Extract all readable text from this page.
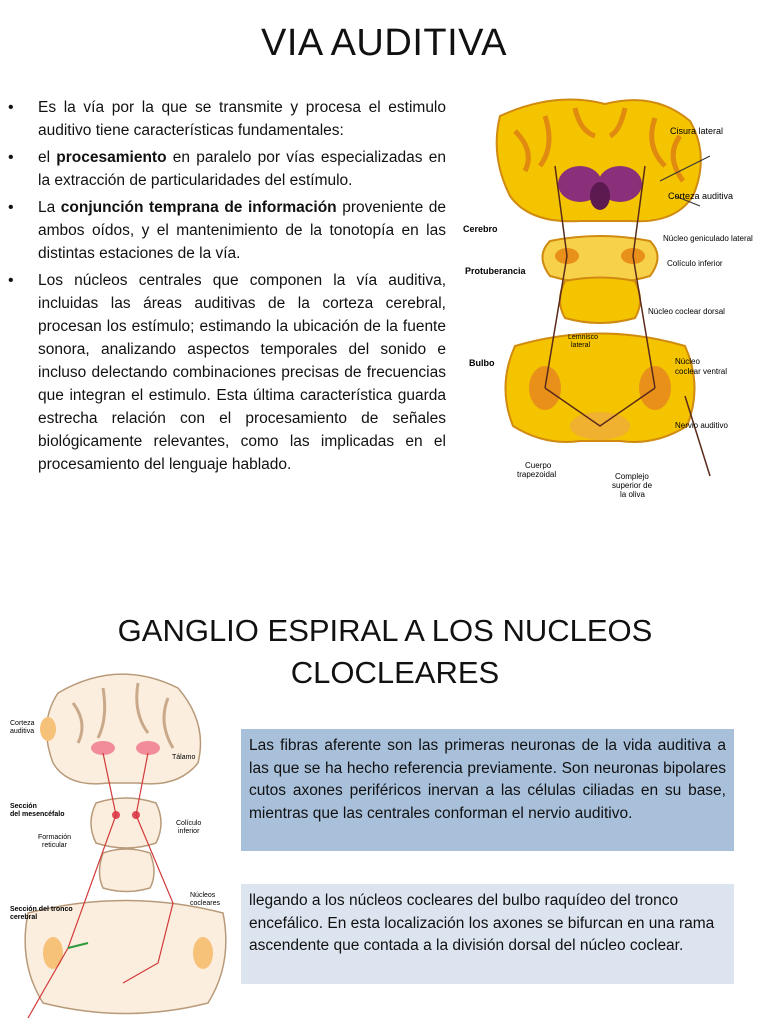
VIA AUDITIVA
• Es la vía por la que se transmite y procesa el estimulo auditivo tiene características fundamentales:
• el procesamiento en paralelo por vías especializadas en la extracción de particularidades del estímulo.
• La conjunción temprana de información proveniente de ambos oídos, y el mantenimiento de la tonotopía en las distintas estaciones de la vía.
• Los núcleos centrales que componen la vía auditiva, incluidas las áreas auditivas de la corteza cerebral, procesan los estímulo; estimando la ubicación de la fuente sonora, analizando aspectos temporales del sonido e incluso delectando combinaciones precisas de frecuencias que integran el estimulo. Esta última característica guarda estrecha relación con el procesamiento de señales biológicamente relevantes, como las implicadas en el procesamiento del lenguaje hablado.
Cisura lateral
Corteza auditiva
Cerebro
Núcleo geniculado lateral
Protuberancia
Colículo inferior
Núcleo coclear dorsal
Lemnisco
lateral
Bulbo	Núcleo
coclear ventral
Nervio auditivo
Cuerpo
trapezoidal	Complejo
superior de
la oliva
GANGLIO ESPIRAL A LOS NUCLEOS
CLOCLEARES
Corteza
auditiva
Tálamo
Sección
del mesencéfalo
Colículo
inferior
Formación
reticular
Sección del tronco
cerebral
Núcleos
cocleares
Las fibras aferente son las primeras neuronas de la vida auditiva a las que se ha hecho referencia previamente. Son neuronas bipolares cutos axones periféricos inervan a las células ciliadas en su base, mientras que las centrales conforman el nervio auditivo.
llegando a los núcleos cocleares del bulbo raquídeo del tronco encefálico. En esta localización los axones se bifurcan en una rama ascendente que contada a la división dorsal del núcleo coclear.
